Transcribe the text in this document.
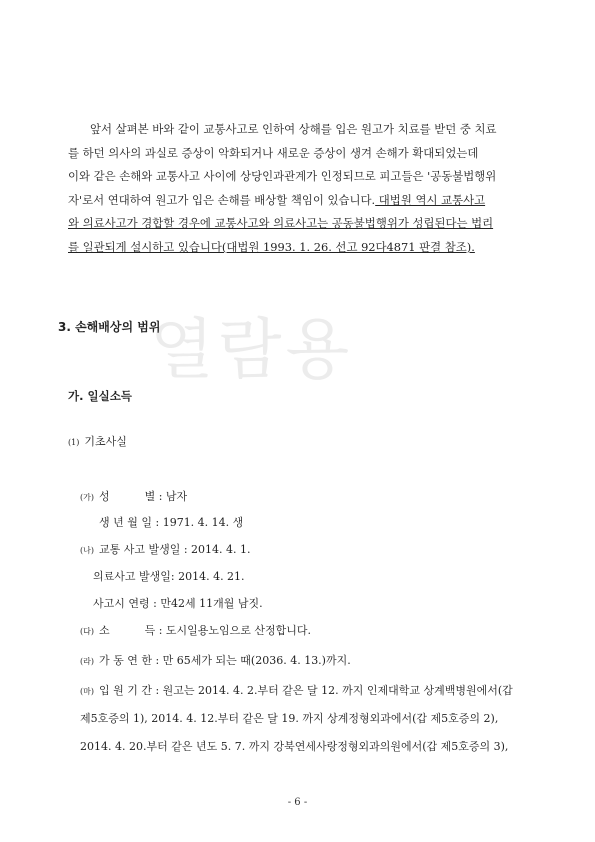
열람용
앞서 살펴본 바와 같이 교통사고로 인하여 상해를 입은 원고가 치료를 받던 중 치료
를 하던 의사의 과실로 증상이 악화되거나 새로운 증상이 생겨 손해가 확대되었는데
이와 같은 손해와 교통사고 사이에 상당인과관계가 인정되므로 피고들은 '공동불법행위
자'로서 연대하여 원고가 입은 손해를 배상할 책임이 있습니다. 대법원 역시 교통사고
와 의료사고가 경합할 경우에 교통사고와 의료사고는 공동불법행위가 성립된다는 법리
를 일관되게 설시하고 있습니다(대법원 1993. 1. 26. 선고 92다4871 판결 참조).
3. 손해배상의 범위
가. 일실소득
(1) 기초사실
(가) 성          별 : 남자
생 년 월 일 : 1971. 4. 14. 생
(나) 교통 사고 발생일 : 2014. 4. 1.
의료사고 발생일: 2014. 4. 21.
사고시 연령 : 만42세 11개월 남짓.
(다) 소          득 : 도시일용노임으로 산정합니다.
(라) 가 동 연 한 : 만 65세가 되는 때(2036. 4. 13.)까지.
(마) 입 원 기 간 : 원고는 2014. 4. 2.부터 같은 달 12. 까지 인제대학교 상계백병원에서(갑
제5호증의 1), 2014. 4. 12.부터 같은 달 19. 까지 상계정형외과에서(갑 제5호증의 2),
2014. 4. 20.부터 같은 년도 5. 7. 까지 강북연세사랑정형외과의원에서(갑 제5호증의 3),
- 6 -
